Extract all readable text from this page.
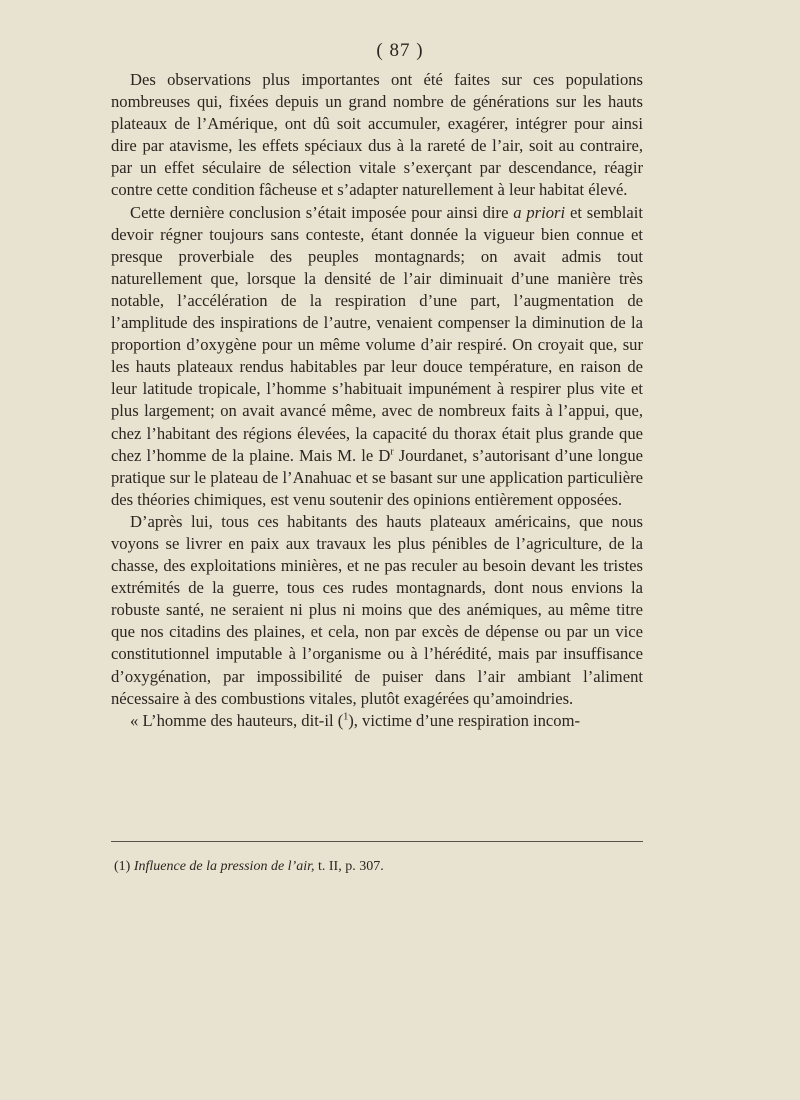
( 87 )

Des observations plus importantes ont été faites sur ces populations nombreuses qui, fixées depuis un grand nombre de générations sur les hauts plateaux de l’Amérique, ont dû soit accumuler, exagérer, intégrer pour ainsi dire par atavisme, les effets spéciaux dus à la rareté de l’air, soit au contraire, par un effet séculaire de sélection vitale s’exerçant par descendance, réagir contre cette condition fâcheuse et s’adapter naturellement à leur habitat élevé.

Cette dernière conclusion s’était imposée pour ainsi dire a priori et semblait devoir régner toujours sans conteste, étant donnée la vigueur bien connue et presque proverbiale des peuples montagnards; on avait admis tout naturellement que, lorsque la densité de l’air diminuait d’une manière très notable, l’accélération de la respiration d’une part, l’augmentation de l’amplitude des inspirations de l’autre, venaient compenser la diminution de la proportion d’oxygène pour un même volume d’air respiré. On croyait que, sur les hauts plateaux rendus habitables par leur douce température, en raison de leur latitude tropicale, l’homme s’habituait impunément à respirer plus vite et plus largement; on avait avancé même, avec de nombreux faits à l’appui, que, chez l’habitant des régions élevées, la capacité du thorax était plus grande que chez l’homme de la plaine. Mais M. le $D^r$ Jourdanet, s’autorisant d’une longue pratique sur le plateau de l’Anahuac et se basant sur une application particulière des théories chimiques, est venu soutenir des opinions entièrement opposées.

D’après lui, tous ces habitants des hauts plateaux américains, que nous voyons se livrer en paix aux travaux les plus pénibles de l’agriculture, de la chasse, des exploitations minières, et ne pas reculer au besoin devant les tristes extrémités de la guerre, tous ces rudes montagnards, dont nous envions la robuste santé, ne seraient ni plus ni moins que des anémiques, au même titre que nos citadins des plaines, et cela, non par excès de dépense ou par un vice constitutionnel imputable à l’organisme ou à l’hérédité, mais par insuffisance d’oxygénation, par impossibilité de puiser dans l’air ambiant l’aliment nécessaire à des combustions vitales, plutôt exagérées qu’amoindries.

« L’homme des hauteurs, dit-il ($^1$), victime d’une respiration incom-

(1) Influence de la pression de l’air, t. II, p. 307.
